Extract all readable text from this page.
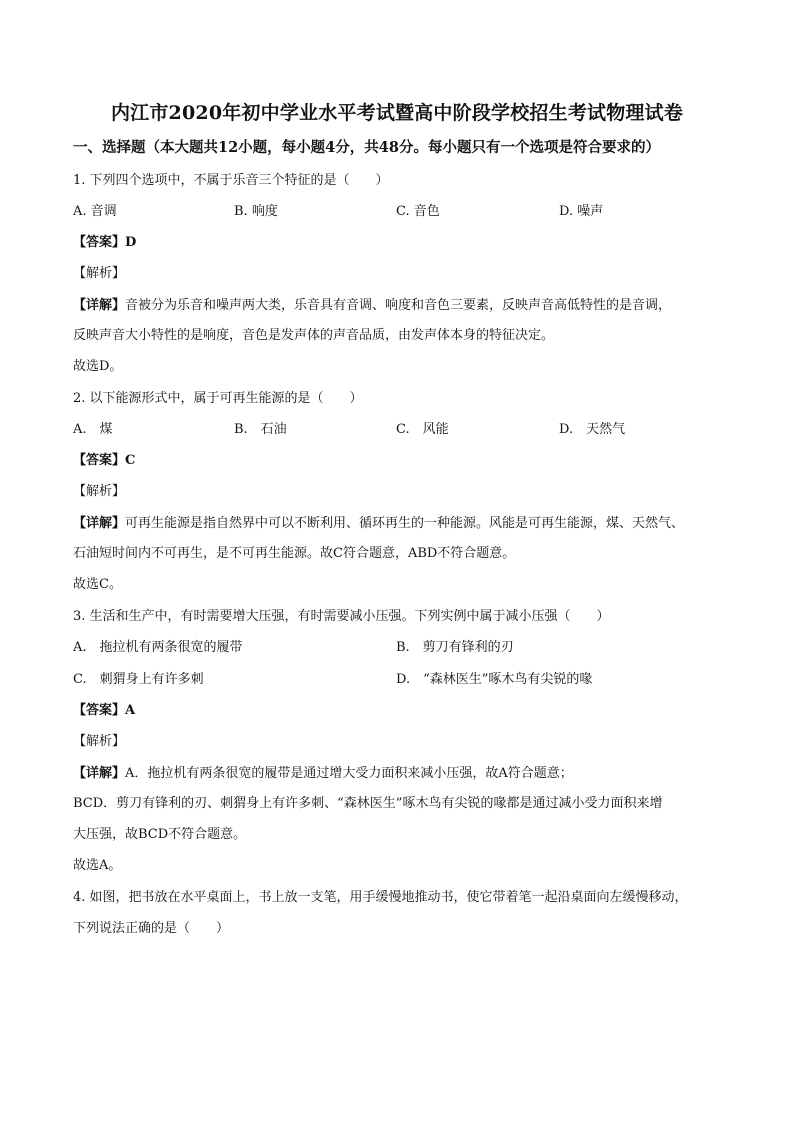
内江市2020年初中学业水平考试暨高中阶段学校招生考试物理试卷
一、选择题（本大题共12小题，每小题4分，共48分。每小题只有一个选项是符合要求的）
1. 下列四个选项中，不属于乐音三个特征的是（　　）
A. 音调	B. 响度	C. 音色	D. 噪声
【答案】D
【解析】
【详解】音被分为乐音和噪声两大类，乐音具有音调、响度和音色三要素，反映声音高低特性的是音调，
反映声音大小特性的是响度，音色是发声体的声音品质，由发声体本身的特征决定。
故选D。
2. 以下能源形式中，属于可再生能源的是（　　）
A.　煤	B.　石油	C.　风能	D.　天然气
【答案】C
【解析】
【详解】可再生能源是指自然界中可以不断利用、循环再生的一种能源。风能是可再生能源，煤、天然气、
石油短时间内不可再生，是不可再生能源。故C符合题意，ABD不符合题意。
故选C。
3. 生活和生产中，有时需要增大压强，有时需要减小压强。下列实例中属于减小压强（　　）
A.　拖拉机有两条很宽的履带	B.　剪刀有锋利的刃
C.　刺猬身上有许多刺	D.　“森林医生”啄木鸟有尖锐的喙
【答案】A
【解析】
【详解】A．拖拉机有两条很宽的履带是通过增大受力面积来减小压强，故A符合题意；
BCD．剪刀有锋利的刃、刺猬身上有许多刺、“森林医生”啄木鸟有尖锐的喙都是通过减小受力面积来增
大压强，故BCD不符合题意。
故选A。
4. 如图，把书放在水平桌面上，书上放一支笔，用手缓慢地推动书，使它带着笔一起沿桌面向左缓慢移动，
下列说法正确的是（　　）
